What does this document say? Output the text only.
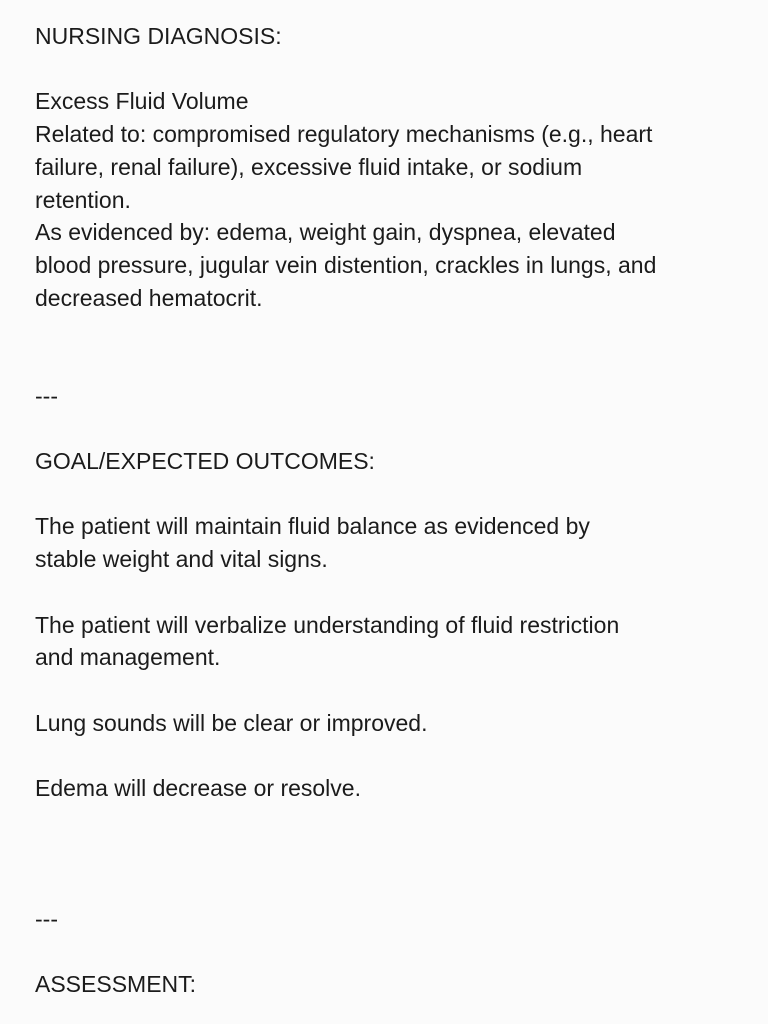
NURSING DIAGNOSIS:
Excess Fluid Volume
Related to: compromised regulatory mechanisms (e.g., heart
failure, renal failure), excessive fluid intake, or sodium
retention.
As evidenced by: edema, weight gain, dyspnea, elevated
blood pressure, jugular vein distention, crackles in lungs, and
decreased hematocrit.
---
GOAL/EXPECTED OUTCOMES:
The patient will maintain fluid balance as evidenced by
stable weight and vital signs.
The patient will verbalize understanding of fluid restriction
and management.
Lung sounds will be clear or improved.
Edema will decrease or resolve.
---
ASSESSMENT:
